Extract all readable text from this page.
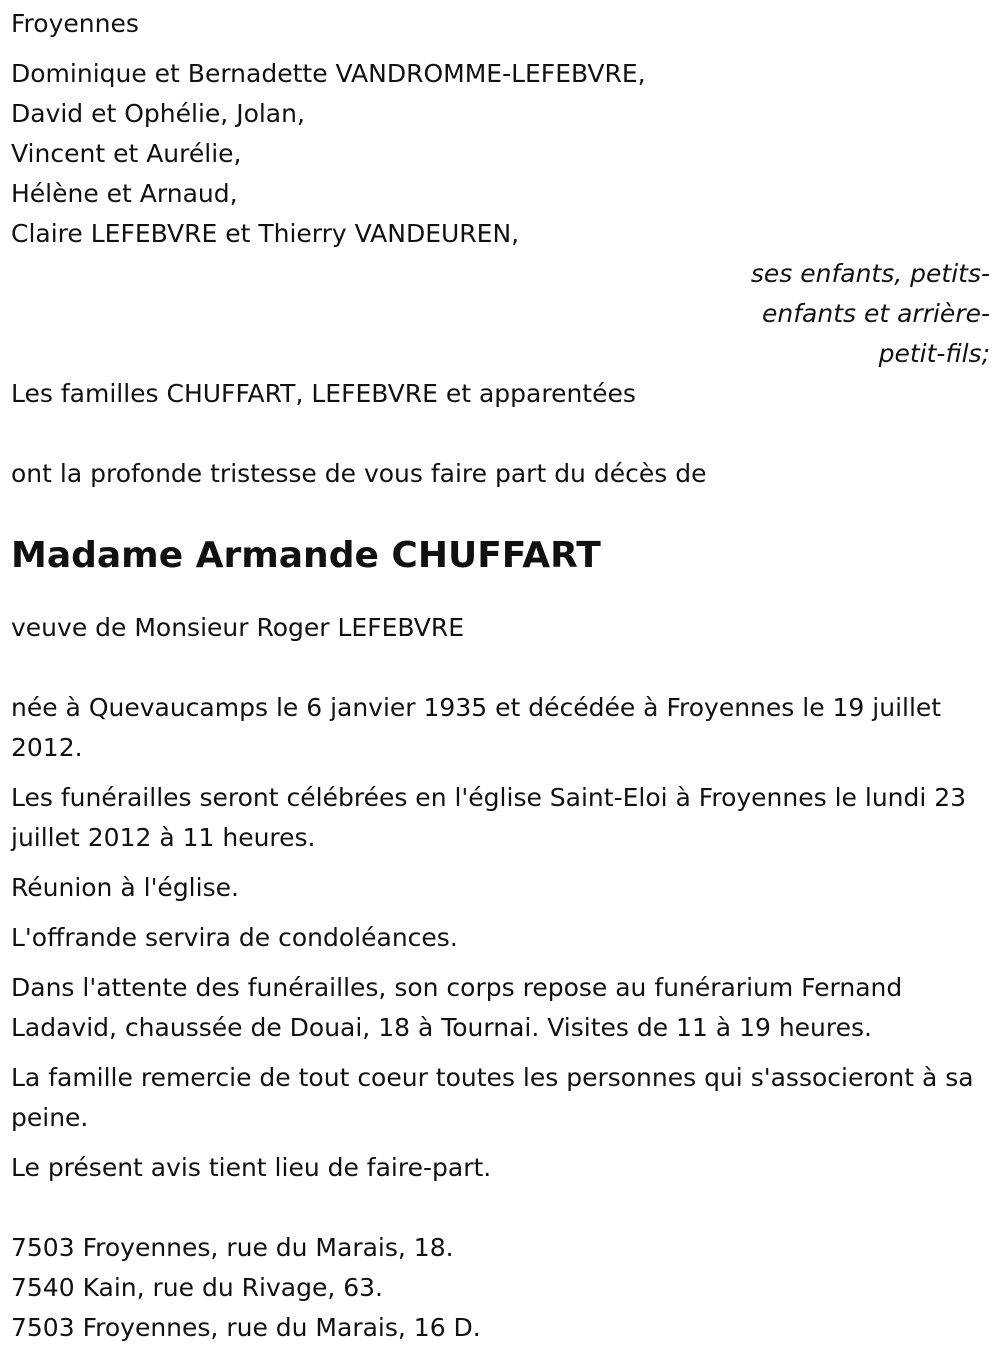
Froyennes
Dominique et Bernadette VANDROMME-LEFEBVRE,
David et Ophélie, Jolan,
Vincent et Aurélie,
Hélène et Arnaud,
Claire LEFEBVRE et Thierry VANDEUREN,
ses enfants, petits-
enfants et arrière-
petit-fils;
Les familles CHUFFART, LEFEBVRE et apparentées
ont la profonde tristesse de vous faire part du décès de
Madame Armande CHUFFART
veuve de Monsieur Roger LEFEBVRE
née à Quevaucamps le 6 janvier 1935 et décédée à Froyennes le 19 juillet 2012.
Les funérailles seront célébrées en l'église Saint-Eloi à Froyennes le lundi 23 juillet 2012 à 11 heures.
Réunion à l'église.
L'offrande servira de condoléances.
Dans l'attente des funérailles, son corps repose au funérarium Fernand Ladavid, chaussée de Douai, 18 à Tournai. Visites de 11 à 19 heures.
La famille remercie de tout coeur toutes les personnes qui s'associeront à sa peine.
Le présent avis tient lieu de faire-part.
7503 Froyennes, rue du Marais, 18.
7540 Kain, rue du Rivage, 63.
7503 Froyennes, rue du Marais, 16 D.
